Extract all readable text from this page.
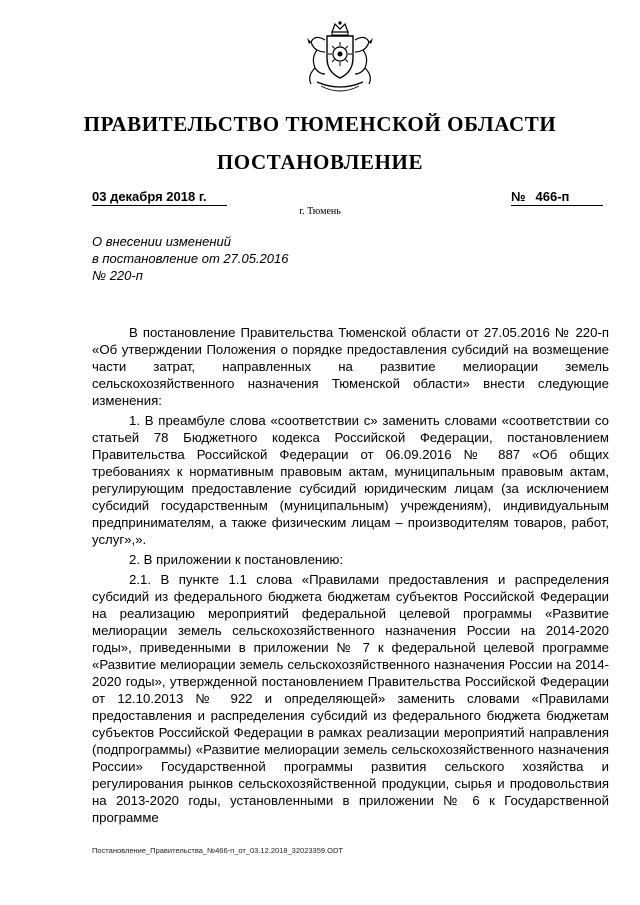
ПРАВИТЕЛЬСТВО ТЮМЕНСКОЙ ОБЛАСТИ
ПОСТАНОВЛЕНИЕ
03 декабря 2018 г.	№ 466-п
г. Тюмень
О внесении изменений
в постановление от 27.05.2016
№ 220-п

В постановление Правительства Тюменской области от 27.05.2016 № 220-п «Об утверждении Положения о порядке предоставления субсидий на возмещение части затрат, направленных на развитие мелиорации земель сельскохозяйственного назначения Тюменской области» внести следующие изменения:

1. В преамбуле слова «соответствии с» заменить словами «соответствии со статьей 78 Бюджетного кодекса Российской Федерации, постановлением Правительства Российской Федерации от 06.09.2016 № 887 «Об общих требованиях к нормативным правовым актам, муниципальным правовым актам, регулирующим предоставление субсидий юридическим лицам (за исключением субсидий государственным (муниципальным) учреждениям), индивидуальным предпринимателям, а также физическим лицам – производителям товаров, работ, услуг»,».

2. В приложении к постановлению:

2.1. В пункте 1.1 слова «Правилами предоставления и распределения субсидий из федерального бюджета бюджетам субъектов Российской Федерации на реализацию мероприятий федеральной целевой программы «Развитие мелиорации земель сельскохозяйственного назначения России на 2014-2020 годы», приведенными в приложении № 7 к федеральной целевой программе «Развитие мелиорации земель сельскохозяйственного назначения России на 2014-2020 годы», утвержденной постановлением Правительства Российской Федерации от 12.10.2013 № 922 и определяющей» заменить словами «Правилами предоставления и распределения субсидий из федерального бюджета бюджетам субъектов Российской Федерации в рамках реализации мероприятий направления (подпрограммы) «Развитие мелиорации земель сельскохозяйственного назначения России» Государственной программы развития сельского хозяйства и регулирования рынков сельскохозяйственной продукции, сырья и продовольствия на 2013-2020 годы, установленными в приложении № 6 к Государственной программе

Постановление_Правительства_№466-п_от_03.12.2018_32023359.ODT
